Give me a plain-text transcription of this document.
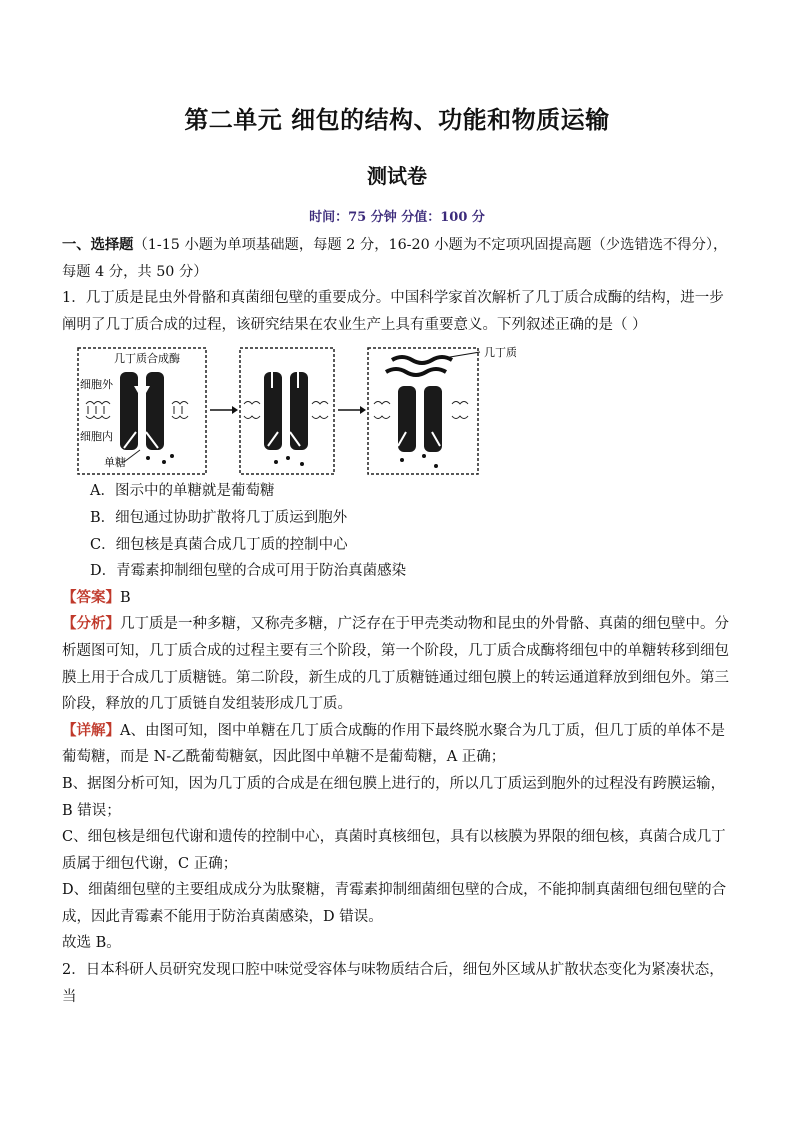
第二单元 细包的结构、功能和物质运输
测试卷
时间：75 分钟 分值：100 分

一、选择题（1-15 小题为单项基础题，每题 2 分，16-20 小题为不定项巩固提高题（少选错选不得分），每题 4 分，共 50 分）

1．几丁质是昆虫外骨骼和真菌细包壁的重要成分。中国科学家首次解析了几丁质合成酶的结构，进一步阐明了几丁质合成的过程，该研究结果在农业生产上具有重要意义。下列叙述正确的是（ ）

几丁质合成酶
细胞外
细胞内
单糖
几丁质

A．图示中的单糖就是葡萄糖

B．细包通过协助扩散将几丁质运到胞外

C．细包核是真菌合成几丁质的控制中心

D．青霉素抑制细包壁的合成可用于防治真菌感染

【答案】B

【分析】几丁质是一种多糖，又称壳多糖，广泛存在于甲壳类动物和昆虫的外骨骼、真菌的细包壁中。分析题图可知，几丁质合成的过程主要有三个阶段，第一个阶段，几丁质合成酶将细包中的单糖转移到细包膜上用于合成几丁质糖链。第二阶段，新生成的几丁质糖链通过细包膜上的转运通道释放到细包外。第三阶段，释放的几丁质链自发组装形成几丁质。

【详解】A、由图可知，图中单糖在几丁质合成酶的作用下最终脱水聚合为几丁质，但几丁质的单体不是葡萄糖，而是 N-乙酰葡萄糖氨，因此图中单糖不是葡萄糖，A 正确；

B、据图分析可知，因为几丁质的合成是在细包膜上进行的，所以几丁质运到胞外的过程没有跨膜运输，B 错误；

C、细包核是细包代谢和遗传的控制中心，真菌时真核细包，具有以核膜为界限的细包核，真菌合成几丁质属于细包代谢，C 正确；

D、细菌细包壁的主要组成成分为肽聚糖，青霉素抑制细菌细包壁的合成，不能抑制真菌细包细包壁的合成，因此青霉素不能用于防治真菌感染，D 错误。

故选 B。

2．日本科研人员研究发现口腔中味觉受容体与味物质结合后，细包外区域从扩散状态变化为紧凑状态，当
